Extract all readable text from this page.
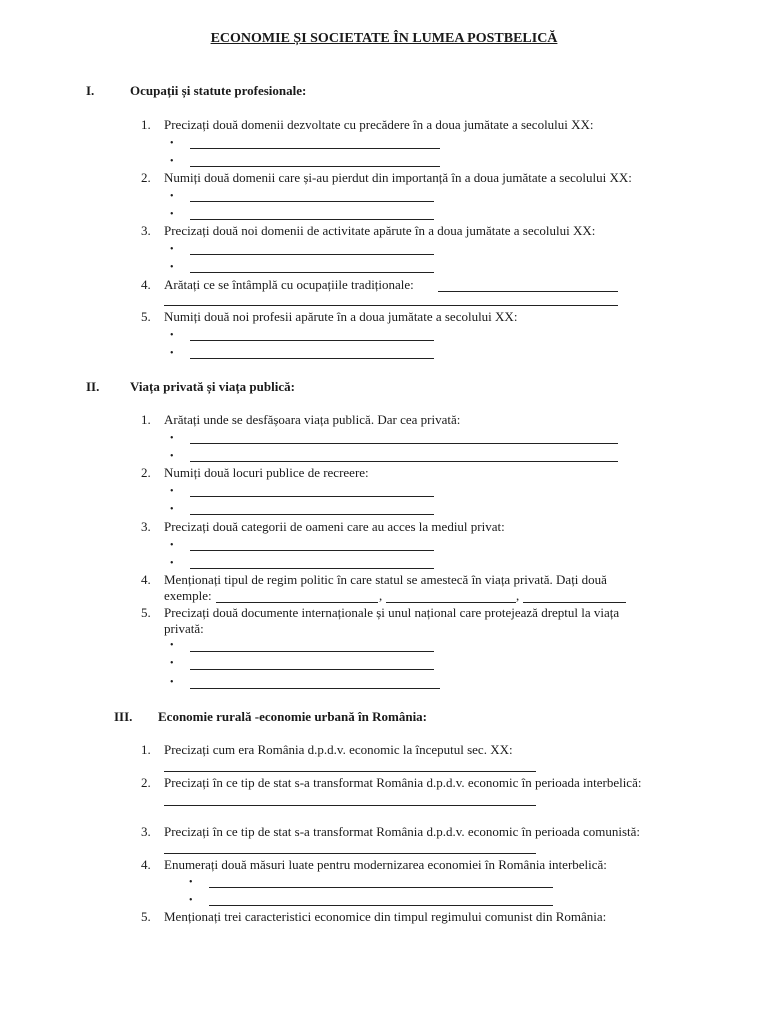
ECONOMIE ȘI SOCIETATE ÎN LUMEA POSTBELICĂ
I.	Ocupații și statute profesionale:
1. Precizați două domenii dezvoltate cu precădere în a doua jumătate a secolului XX:
•
•
2. Numiți două domenii care și-au pierdut din importanță în a doua jumătate a secolului XX:
•
•
3. Precizați două noi domenii de activitate apărute în a doua jumătate a secolului XX:
•
•
4. Arătați ce se întâmplă cu ocupațiile tradiționale:
5. Numiți două noi profesii apărute în a doua jumătate a secolului XX:
•
•
II. Viața privată și viața publică:
1. Arătați unde se desfășoara viața publică. Dar cea privată:
•
•
2. Numiți două locuri publice de recreere:
•
•
3. Precizați două categorii de oameni care au acces la mediul privat:
•
•
4. Menționați tipul de regim politic în care statul se amestecă în viața privată. Dați două
exemple:	,	,
5. Precizați două documente internaționale și unul național care protejează dreptul la viața
privată:
•
•
•
III. Economie rurală -economie urbană în România:
1. Precizați cum era România d.p.d.v. economic la începutul sec. XX:
2. Precizați în ce tip de stat s-a transformat România d.p.d.v. economic în perioada interbelică:
3. Precizați în ce tip de stat s-a transformat România d.p.d.v. economic în perioada comunistă:
4. Enumerați două măsuri luate pentru modernizarea economiei în România interbelică:
•
•
5. Menționați trei caracteristici economice din timpul regimului comunist din România:
